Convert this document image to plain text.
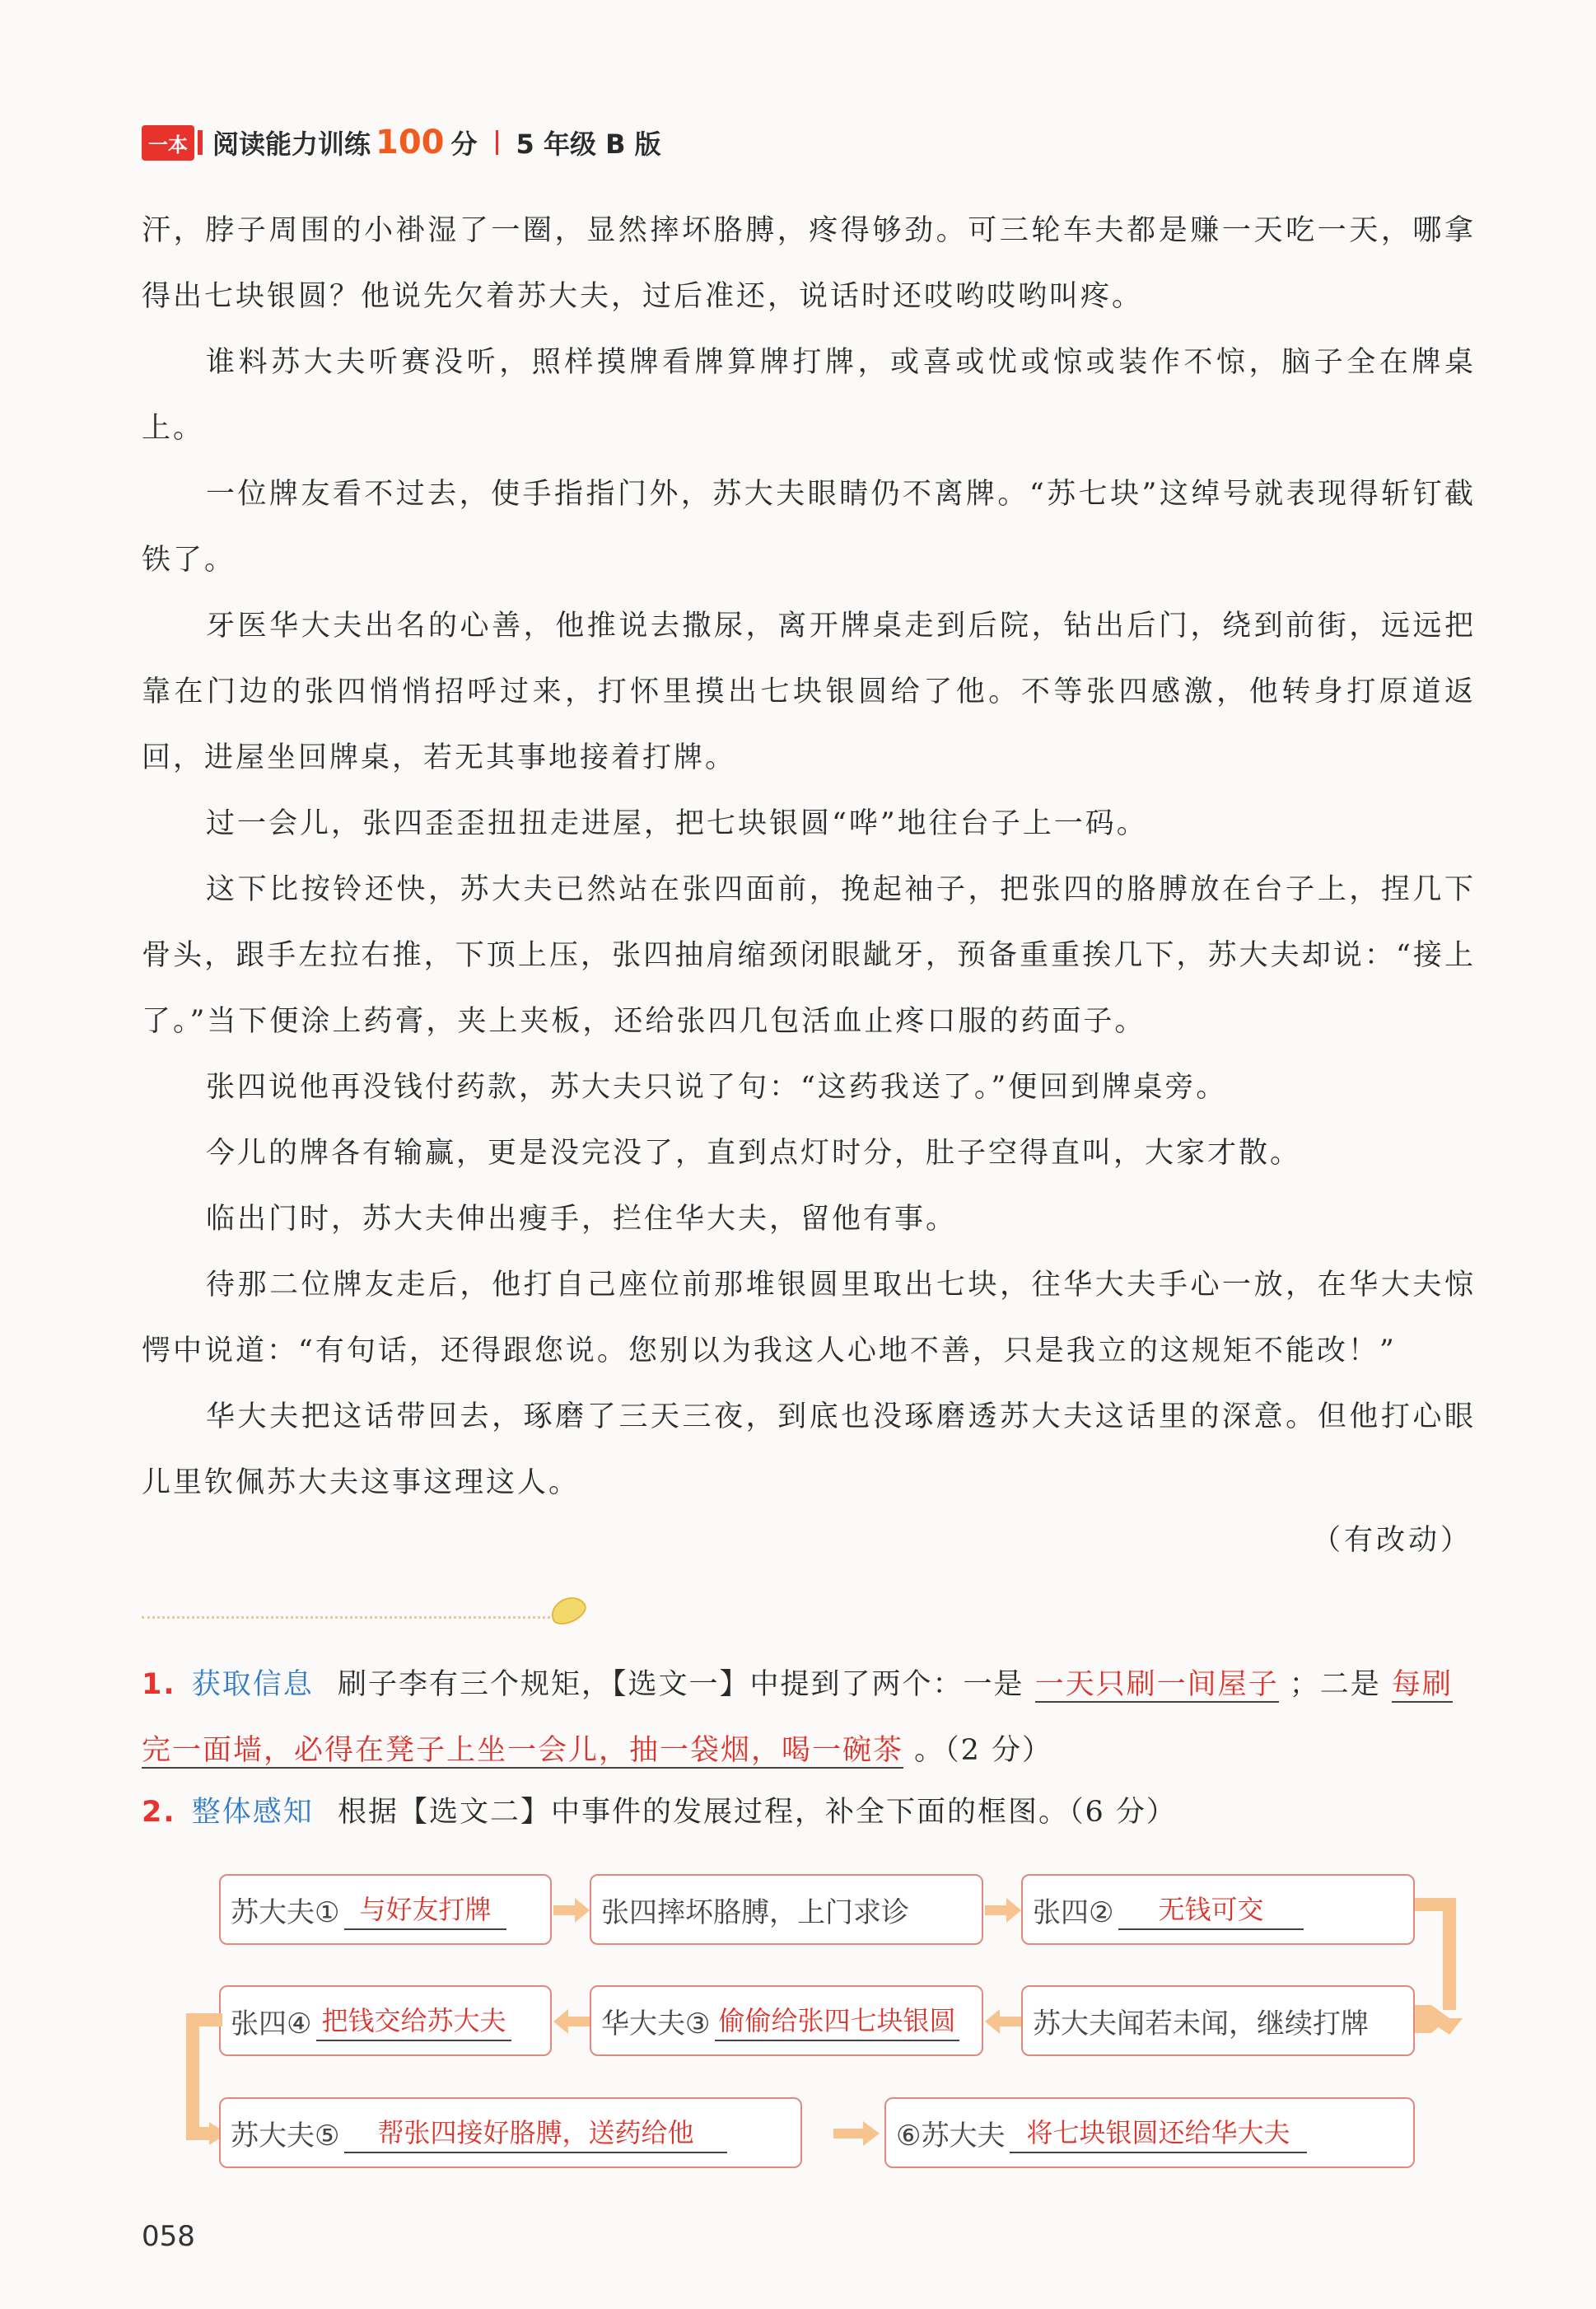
一本 阅读能力训练 100 分 5 年级 B 版

汗，脖子周围的小褂湿了一圈，显然摔坏胳膊，疼得够劲。可三轮车夫都是赚一天吃一天，哪拿得出七块银圆？他说先欠着苏大夫，过后准还，说话时还哎哟哎哟叫疼。

谁料苏大夫听赛没听，照样摸牌看牌算牌打牌，或喜或忧或惊或装作不惊，脑子全在牌桌上。

一位牌友看不过去，使手指指门外，苏大夫眼睛仍不离牌。“苏七块”这绰号就表现得斩钉截铁了。

牙医华大夫出名的心善，他推说去撒尿，离开牌桌走到后院，钻出后门，绕到前街，远远把靠在门边的张四悄悄招呼过来，打怀里摸出七块银圆给了他。不等张四感激，他转身打原道返回，进屋坐回牌桌，若无其事地接着打牌。

过一会儿，张四歪歪扭扭走进屋，把七块银圆“哗”地往台子上一码。

这下比按铃还快，苏大夫已然站在张四面前，挽起袖子，把张四的胳膊放在台子上，捏几下骨头，跟手左拉右推，下顶上压，张四抽肩缩颈闭眼龇牙，预备重重挨几下，苏大夫却说：“接上了。”当下便涂上药膏，夹上夹板，还给张四几包活血止疼口服的药面子。

张四说他再没钱付药款，苏大夫只说了句：“这药我送了。”便回到牌桌旁。

今儿的牌各有输赢，更是没完没了，直到点灯时分，肚子空得直叫，大家才散。

临出门时，苏大夫伸出瘦手，拦住华大夫，留他有事。

待那二位牌友走后，他打自己座位前那堆银圆里取出七块，往华大夫手心一放，在华大夫惊愕中说道：“有句话，还得跟您说。您别以为我这人心地不善，只是我立的这规矩不能改！”

华大夫把这话带回去，琢磨了三天三夜，到底也没琢磨透苏大夫这话里的深意。但他打心眼儿里钦佩苏大夫这事这理这人。

（有改动）
1. 获取信息 刷子李有三个规矩，【选文一】中提到了两个：一是 一天只刷一间屋子 ；二是 每刷完一面墙，必得在凳子上坐一会儿，抽一袋烟，喝一碗茶 。（2 分）
2. 整体感知 根据【选文二】中事件的发展过程，补全下面的框图。（6 分）
苏大夫① 与好友打牌	张四摔坏胳膊，上门求诊	张四②	无钱可交
苏大夫闻若未闻，继续打牌
华大夫③ 偷偷给张四七块银圆
张四④ 把钱交给苏大夫
苏大夫⑤	帮张四接好胳膊，送药给他	⑥苏大夫 将七块银圆还给华大夫
058
